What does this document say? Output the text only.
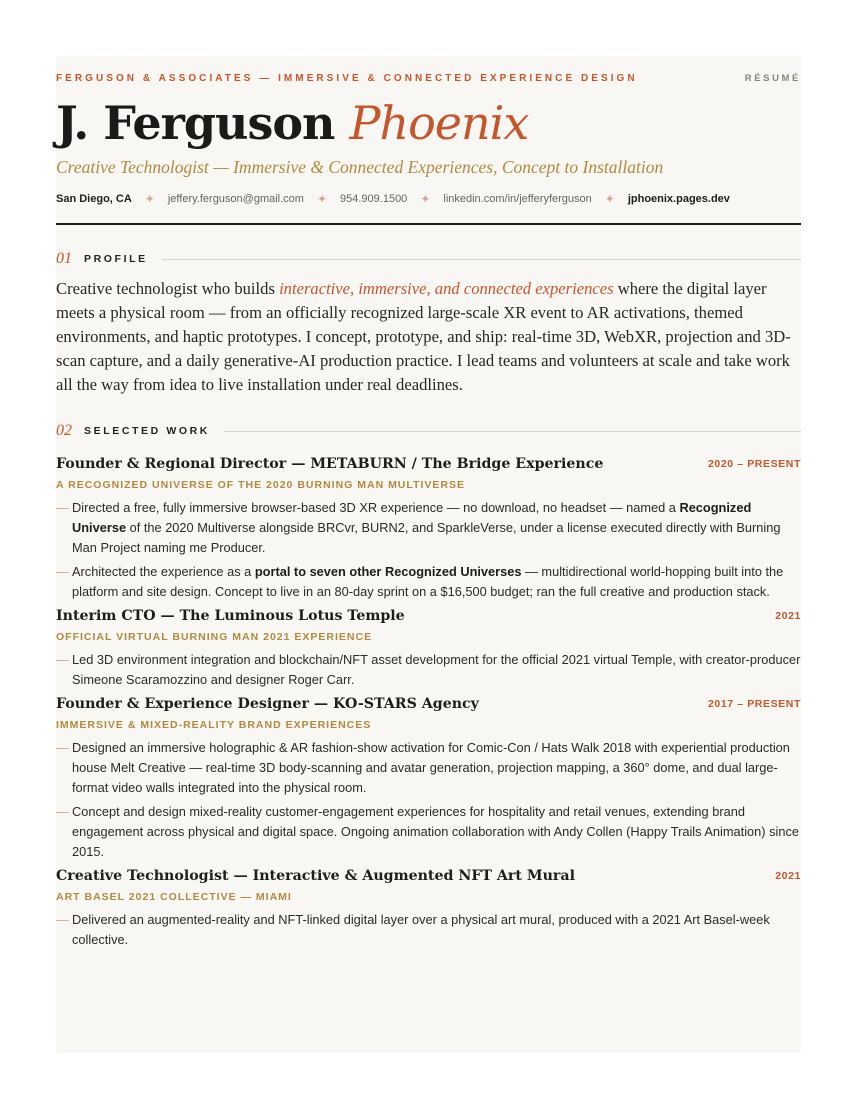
FERGUSON & ASSOCIATES — IMMERSIVE & CONNECTED EXPERIENCE DESIGN	RÉSUMÉ
J. Ferguson Phoenix
Creative Technologist — Immersive & Connected Experiences, Concept to Installation
San Diego, CA ✦ jeffery.ferguson@gmail.com ✦ 954.909.1500 ✦ linkedin.com/in/jefferyferguson ✦ jphoenix.pages.dev
01 PROFILE
Creative technologist who builds interactive, immersive, and connected experiences where the digital layer meets a physical room — from an officially recognized large-scale XR event to AR activations, themed environments, and haptic prototypes. I concept, prototype, and ship: real-time 3D, WebXR, projection and 3D-scan capture, and a daily generative-AI production practice. I lead teams and volunteers at scale and take work all the way from idea to live installation under real deadlines.
02 SELECTED WORK
Founder & Regional Director — METABURN / The Bridge Experience	2020 – PRESENT
A RECOGNIZED UNIVERSE OF THE 2020 BURNING MAN MULTIVERSE
— Directed a free, fully immersive browser-based 3D XR experience — no download, no headset — named a Recognized Universe of the 2020 Multiverse alongside BRCvr, BURN2, and SparkleVerse, under a license executed directly with Burning Man Project naming me Producer.
— Architected the experience as a portal to seven other Recognized Universes — multidirectional world-hopping built into the platform and site design. Concept to live in an 80-day sprint on a $16,500 budget; ran the full creative and production stack.
Interim CTO — The Luminous Lotus Temple	2021
OFFICIAL VIRTUAL BURNING MAN 2021 EXPERIENCE
— Led 3D environment integration and blockchain/NFT asset development for the official 2021 virtual Temple, with creator-producer Simeone Scaramozzino and designer Roger Carr.
Founder & Experience Designer — KO-STARS Agency	2017 – PRESENT
IMMERSIVE & MIXED-REALITY BRAND EXPERIENCES
— Designed an immersive holographic & AR fashion-show activation for Comic-Con / Hats Walk 2018 with experiential production house Melt Creative — real-time 3D body-scanning and avatar generation, projection mapping, a 360° dome, and dual large-format video walls integrated into the physical room.
— Concept and design mixed-reality customer-engagement experiences for hospitality and retail venues, extending brand engagement across physical and digital space. Ongoing animation collaboration with Andy Collen (Happy Trails Animation) since 2015.
Creative Technologist — Interactive & Augmented NFT Art Mural	2021
ART BASEL 2021 COLLECTIVE — MIAMI
— Delivered an augmented-reality and NFT-linked digital layer over a physical art mural, produced with a 2021 Art Basel-week collective.
